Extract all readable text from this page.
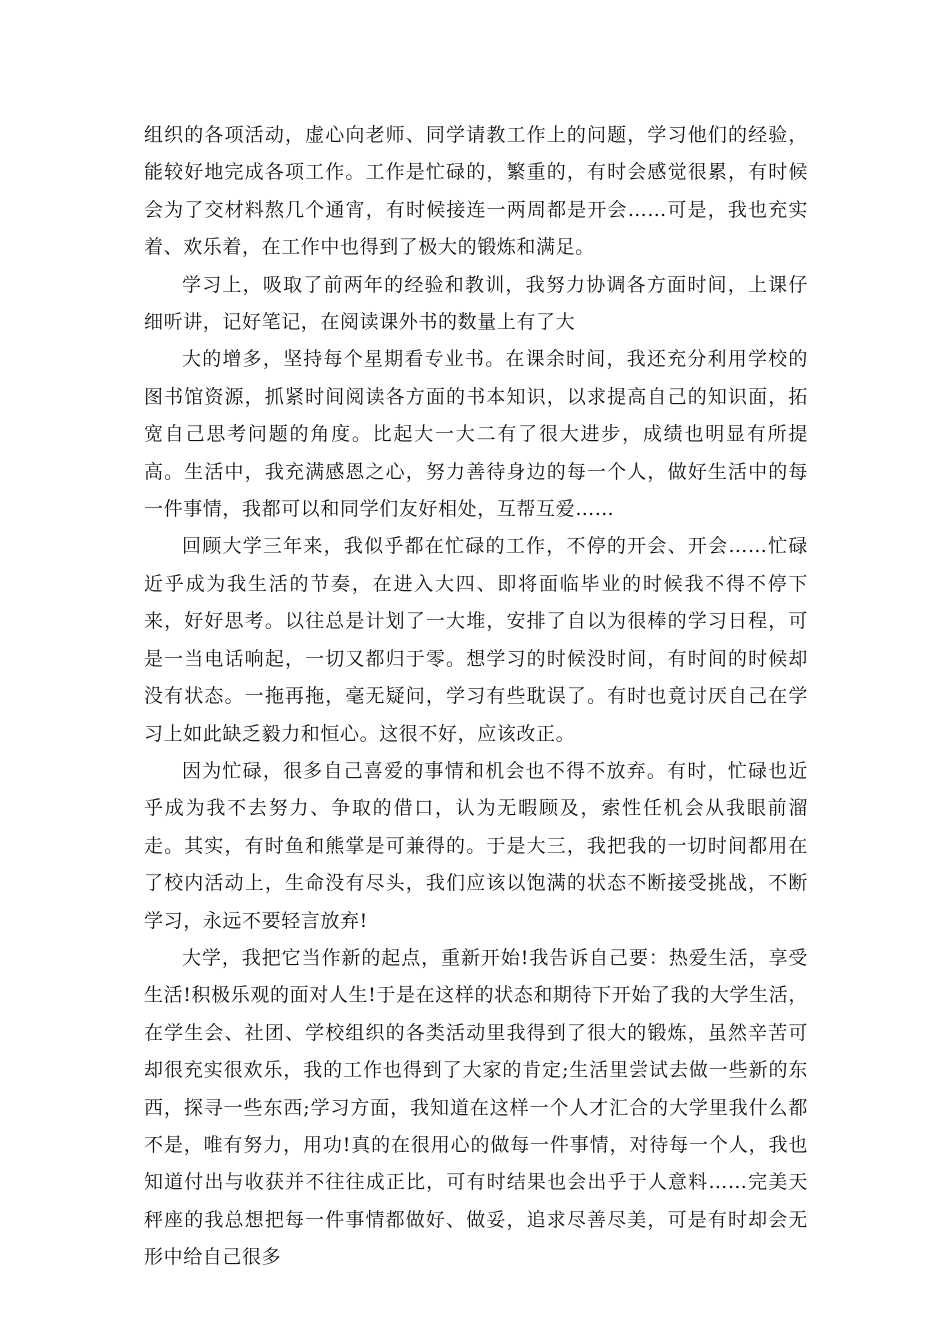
组织的各项活动，虚心向老师、同学请教工作上的问题，学习他们的经验，能较好地完成各项工作。工作是忙碌的，繁重的，有时会感觉很累，有时候会为了交材料熬几个通宵，有时候接连一两周都是开会……可是，我也充实着、欢乐着，在工作中也得到了极大的锻炼和满足。

学习上，吸取了前两年的经验和教训，我努力协调各方面时间，上课仔细听讲，记好笔记，在阅读课外书的数量上有了大

大的增多，坚持每个星期看专业书。在课余时间，我还充分利用学校的图书馆资源，抓紧时间阅读各方面的书本知识，以求提高自己的知识面，拓宽自己思考问题的角度。比起大一大二有了很大进步，成绩也明显有所提高。生活中，我充满感恩之心，努力善待身边的每一个人，做好生活中的每一件事情，我都可以和同学们友好相处，互帮互爱……

回顾大学三年来，我似乎都在忙碌的工作，不停的开会、开会……忙碌近乎成为我生活的节奏，在进入大四、即将面临毕业的时候我不得不停下来，好好思考。以往总是计划了一大堆，安排了自以为很棒的学习日程，可是一当电话响起，一切又都归于零。想学习的时候没时间，有时间的时候却没有状态。一拖再拖，毫无疑问，学习有些耽误了。有时也竟讨厌自己在学习上如此缺乏毅力和恒心。这很不好，应该改正。

因为忙碌，很多自己喜爱的事情和机会也不得不放弃。有时，忙碌也近乎成为我不去努力、争取的借口，认为无暇顾及，索性任机会从我眼前溜走。其实，有时鱼和熊掌是可兼得的。于是大三，我把我的一切时间都用在了校内活动上，生命没有尽头，我们应该以饱满的状态不断接受挑战，不断学习，永远不要轻言放弃!

大学，我把它当作新的起点，重新开始!我告诉自己要：热爱生活，享受生活!积极乐观的面对人生!于是在这样的状态和期待下开始了我的大学生活，在学生会、社团、学校组织的各类活动里我得到了很大的锻炼，虽然辛苦可却很充实很欢乐，我的工作也得到了大家的肯定;生活里尝试去做一些新的东西，探寻一些东西;学习方面，我知道在这样一个人才汇合的大学里我什么都不是，唯有努力，用功!真的在很用心的做每一件事情，对待每一个人，我也知道付出与收获并不往往成正比，可有时结果也会出乎于人意料……完美天秤座的我总想把每一件事情都做好、做妥，追求尽善尽美，可是有时却会无形中给自己很多
